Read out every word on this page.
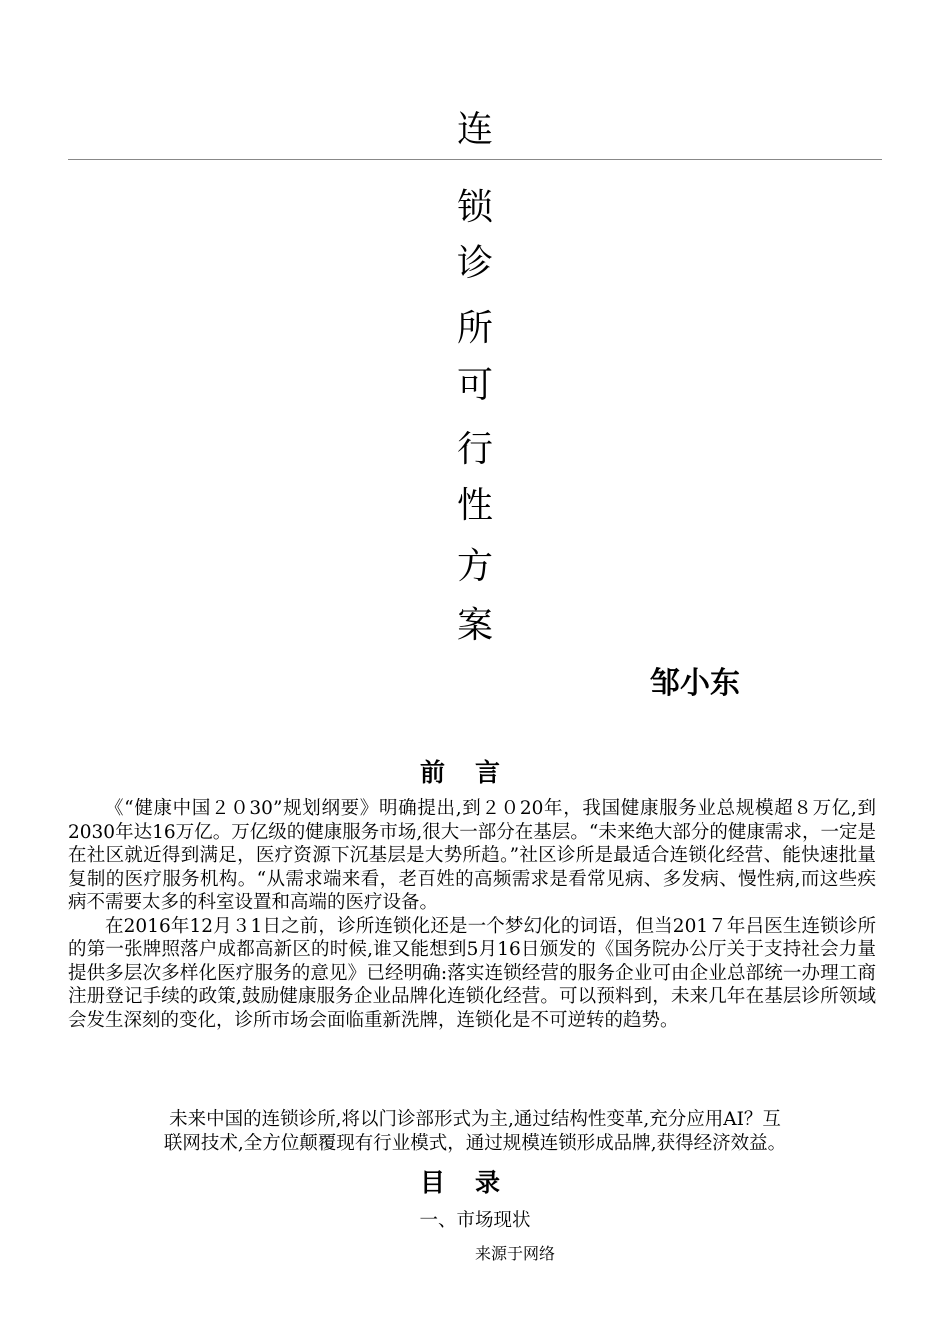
连
锁
诊
所
可
行
性
方
案
邹小东
前言

《“健康中国２０30”规划纲要》明确提出,到２０20年，我国健康服务业总规模超８万亿,到2030年达16万亿。万亿级的健康服务市场,很大一部分在基层。“未来绝大部分的健康需求，一定是在社区就近得到满足，医疗资源下沉基层是大势所趋。”社区诊所是最适合连锁化经营、能快速批量复制的医疗服务机构。“从需求端来看，老百姓的高频需求是看常见病、多发病、慢性病,而这些疾病不需要太多的科室设置和高端的医疗设备。

在2016年12月３1日之前，诊所连锁化还是一个梦幻化的词语，但当201７年吕医生连锁诊所的第一张牌照落户成都高新区的时候,谁又能想到5月16日颁发的《国务院办公厅关于支持社会力量提供多层次多样化医疗服务的意见》已经明确:落实连锁经营的服务企业可由企业总部统一办理工商注册登记手续的政策,鼓励健康服务企业品牌化连锁化经营。可以预料到，未来几年在基层诊所领域会发生深刻的变化，诊所市场会面临重新洗牌，连锁化是不可逆转的趋势。

未来中国的连锁诊所,将以门诊部形式为主,通过结构性变革,充分应用AI？互

联网技术,全方位颠覆现有行业模式，通过规模连锁形成品牌,获得经济效益。

目录
一、市场现状
来源于网络
